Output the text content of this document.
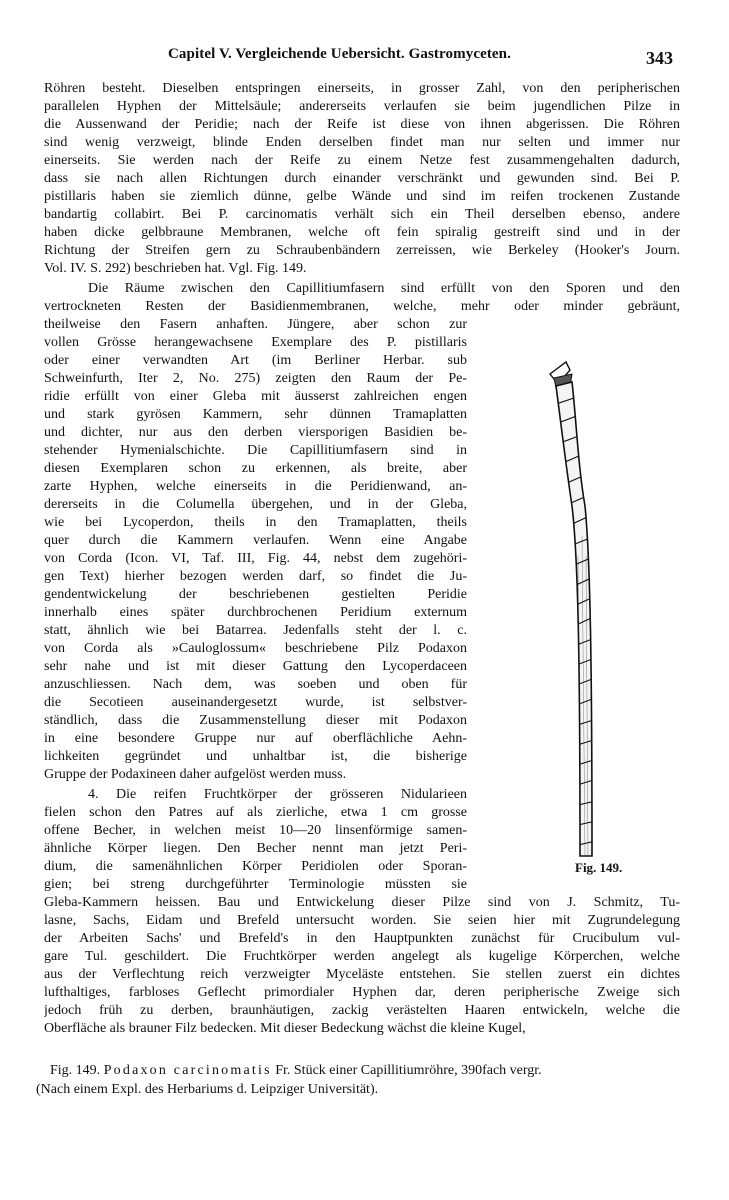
Capitel V. Vergleichende Uebersicht. Gastromyceten.	343
Röhren besteht. Dieselben entspringen einerseits, in grosser Zahl, von den peripherischen
parallelen Hyphen der Mittelsäule; andererseits verlaufen sie beim jugendlichen Pilze in
die Aussenwand der Peridie; nach der Reife ist diese von ihnen abgerissen. Die Röhren
sind wenig verzweigt, blinde Enden derselben findet man nur selten und immer nur
einerseits. Sie werden nach der Reife zu einem Netze fest zusammengehalten dadurch,
dass sie nach allen Richtungen durch einander verschränkt und gewunden sind. Bei P.
pistillaris haben sie ziemlich dünne, gelbe Wände und sind im reifen trockenen Zustande
bandartig collabirt. Bei P. carcinomatis verhält sich ein Theil derselben ebenso, andere
haben dicke gelbbraune Membranen, welche oft fein spiralig gestreift sind und in der
Richtung der Streifen gern zu Schraubenbändern zerreissen, wie Berkeley (Hooker's Journ.
Vol. IV. S. 292) beschrieben hat. Vgl. Fig. 149.
Die Räume zwischen den Capillitiumfasern sind erfüllt von den Sporen und den
vertrockneten Resten der Basidienmembranen, welche, mehr oder minder gebräunt,
theilweise den Fasern anhaften. Jüngere, aber schon zur
vollen Grösse herangewachsene Exemplare des P. pistillaris
oder einer verwandten Art (im Berliner Herbar. sub
Schweinfurth, Iter 2, No. 275) zeigten den Raum der Pe-
ridie erfüllt von einer Gleba mit äusserst zahlreichen engen
und stark gyrösen Kammern, sehr dünnen Tramaplatten
und dichter, nur aus den derben viersporigen Basidien be-
stehender Hymenialschichte. Die Capillitiumfasern sind in
diesen Exemplaren schon zu erkennen, als breite, aber
zarte Hyphen, welche einerseits in die Peridienwand, an-
dererseits in die Columella übergehen, und in der Gleba,
wie bei Lycoperdon, theils in den Tramaplatten, theils
quer durch die Kammern verlaufen. Wenn eine Angabe
von Corda (Icon. VI, Taf. III, Fig. 44, nebst dem zugehöri-
gen Text) hierher bezogen werden darf, so findet die Ju-
gendentwickelung der beschriebenen gestielten Peridie
innerhalb eines später durchbrochenen Peridium externum
statt, ähnlich wie bei Batarrea. Jedenfalls steht der l. c.
von Corda als »Cauloglossum« beschriebene Pilz Podaxon
sehr nahe und ist mit dieser Gattung den Lycoperdaceen
anzuschliessen. Nach dem, was soeben und oben für
die Secotieen auseinandergesetzt wurde, ist selbstver-
ständlich, dass die Zusammenstellung dieser mit Podaxon
in eine besondere Gruppe nur auf oberflächliche Aehn-
lichkeiten gegründet und unhaltbar ist, die bisherige
Gruppe der Podaxineen daher aufgelöst werden muss.
4. Die reifen Fruchtkörper der grösseren Nidularieen
fielen schon den Patres auf als zierliche, etwa 1 cm grosse
offene Becher, in welchen meist 10—20 linsenförmige samen-
ähnliche Körper liegen. Den Becher nennt man jetzt Peri-
dium, die samenähnlichen Körper Peridiolen oder Sporan-
gien; bei streng durchgeführter Terminologie müssten sie
Gleba-Kammern heissen. Bau und Entwickelung dieser Pilze sind von J. Schmitz, Tu-
lasne, Sachs, Eidam und Brefeld untersucht worden. Sie seien hier mit Zugrundelegung
der Arbeiten Sachs' und Brefeld's in den Hauptpunkten zunächst für Crucibulum vul-
gare Tul. geschildert. Die Fruchtkörper werden angelegt als kugelige Körperchen, welche
aus der Verflechtung reich verzweigter Myceläste entstehen. Sie stellen zuerst ein dichtes
lufthaltiges, farbloses Geflecht primordialer Hyphen dar, deren peripherische Zweige sich
jedoch früh zu derben, braunhäutigen, zackig verästelten Haaren entwickeln, welche die
Oberfläche als brauner Filz bedecken. Mit dieser Bedeckung wächst die kleine Kugel,
Fig. 149.
Fig. 149. Podaxon carcinomatis Fr. Stück einer Capillitiumröhre, 390fach vergr.
(Nach einem Expl. des Herbariums d. Leipziger Universität).
